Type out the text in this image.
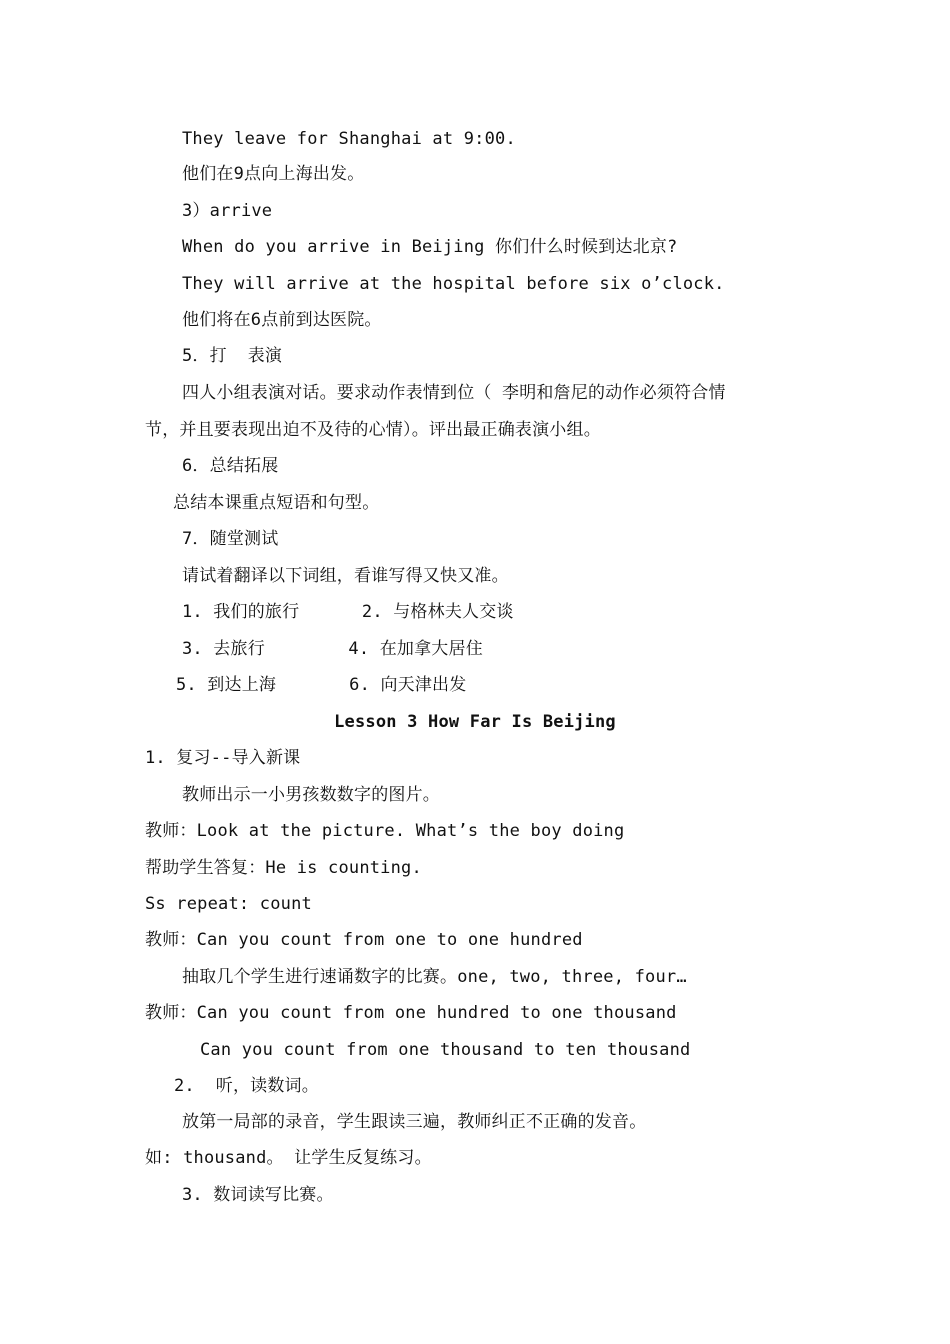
They leave for Shanghai at 9:00.
他们在9点向上海出发。
3）arrive
When do you arrive in Beijing 你们什么时候到达北京?
They will arrive at the hospital before six o’clock.
他们将在6点前到达医院。
5．打  表演
四人小组表演对话。要求动作表情到位（ 李明和詹尼的动作必须符合情
节，并且要表现出迫不及待的心情）。评出最正确表演小组。
6．总结拓展
总结本课重点短语和句型。
7．随堂测试
请试着翻译以下词组，看谁写得又快又准。
1. 我们的旅行      2. 与格林夫人交谈
3. 去旅行        4. 在加拿大居住
5. 到达上海       6. 向天津出发
Lesson 3 How Far Is Beijing
1. 复习--导入新课
教师出示一小男孩数数字的图片。
教师：Look at the picture. What’s the boy doing
帮助学生答复：He is counting.
Ss repeat: count
教师：Can you count from one to one hundred
抽取几个学生进行速诵数字的比赛。one, two, three, four…
教师：Can you count from one hundred to one thousand
Can you count from one thousand to ten thousand
2.  听，读数词。
放第一局部的录音，学生跟读三遍，教师纠正不正确的发音。
如: thousand。 让学生反复练习。
3. 数词读写比赛。
